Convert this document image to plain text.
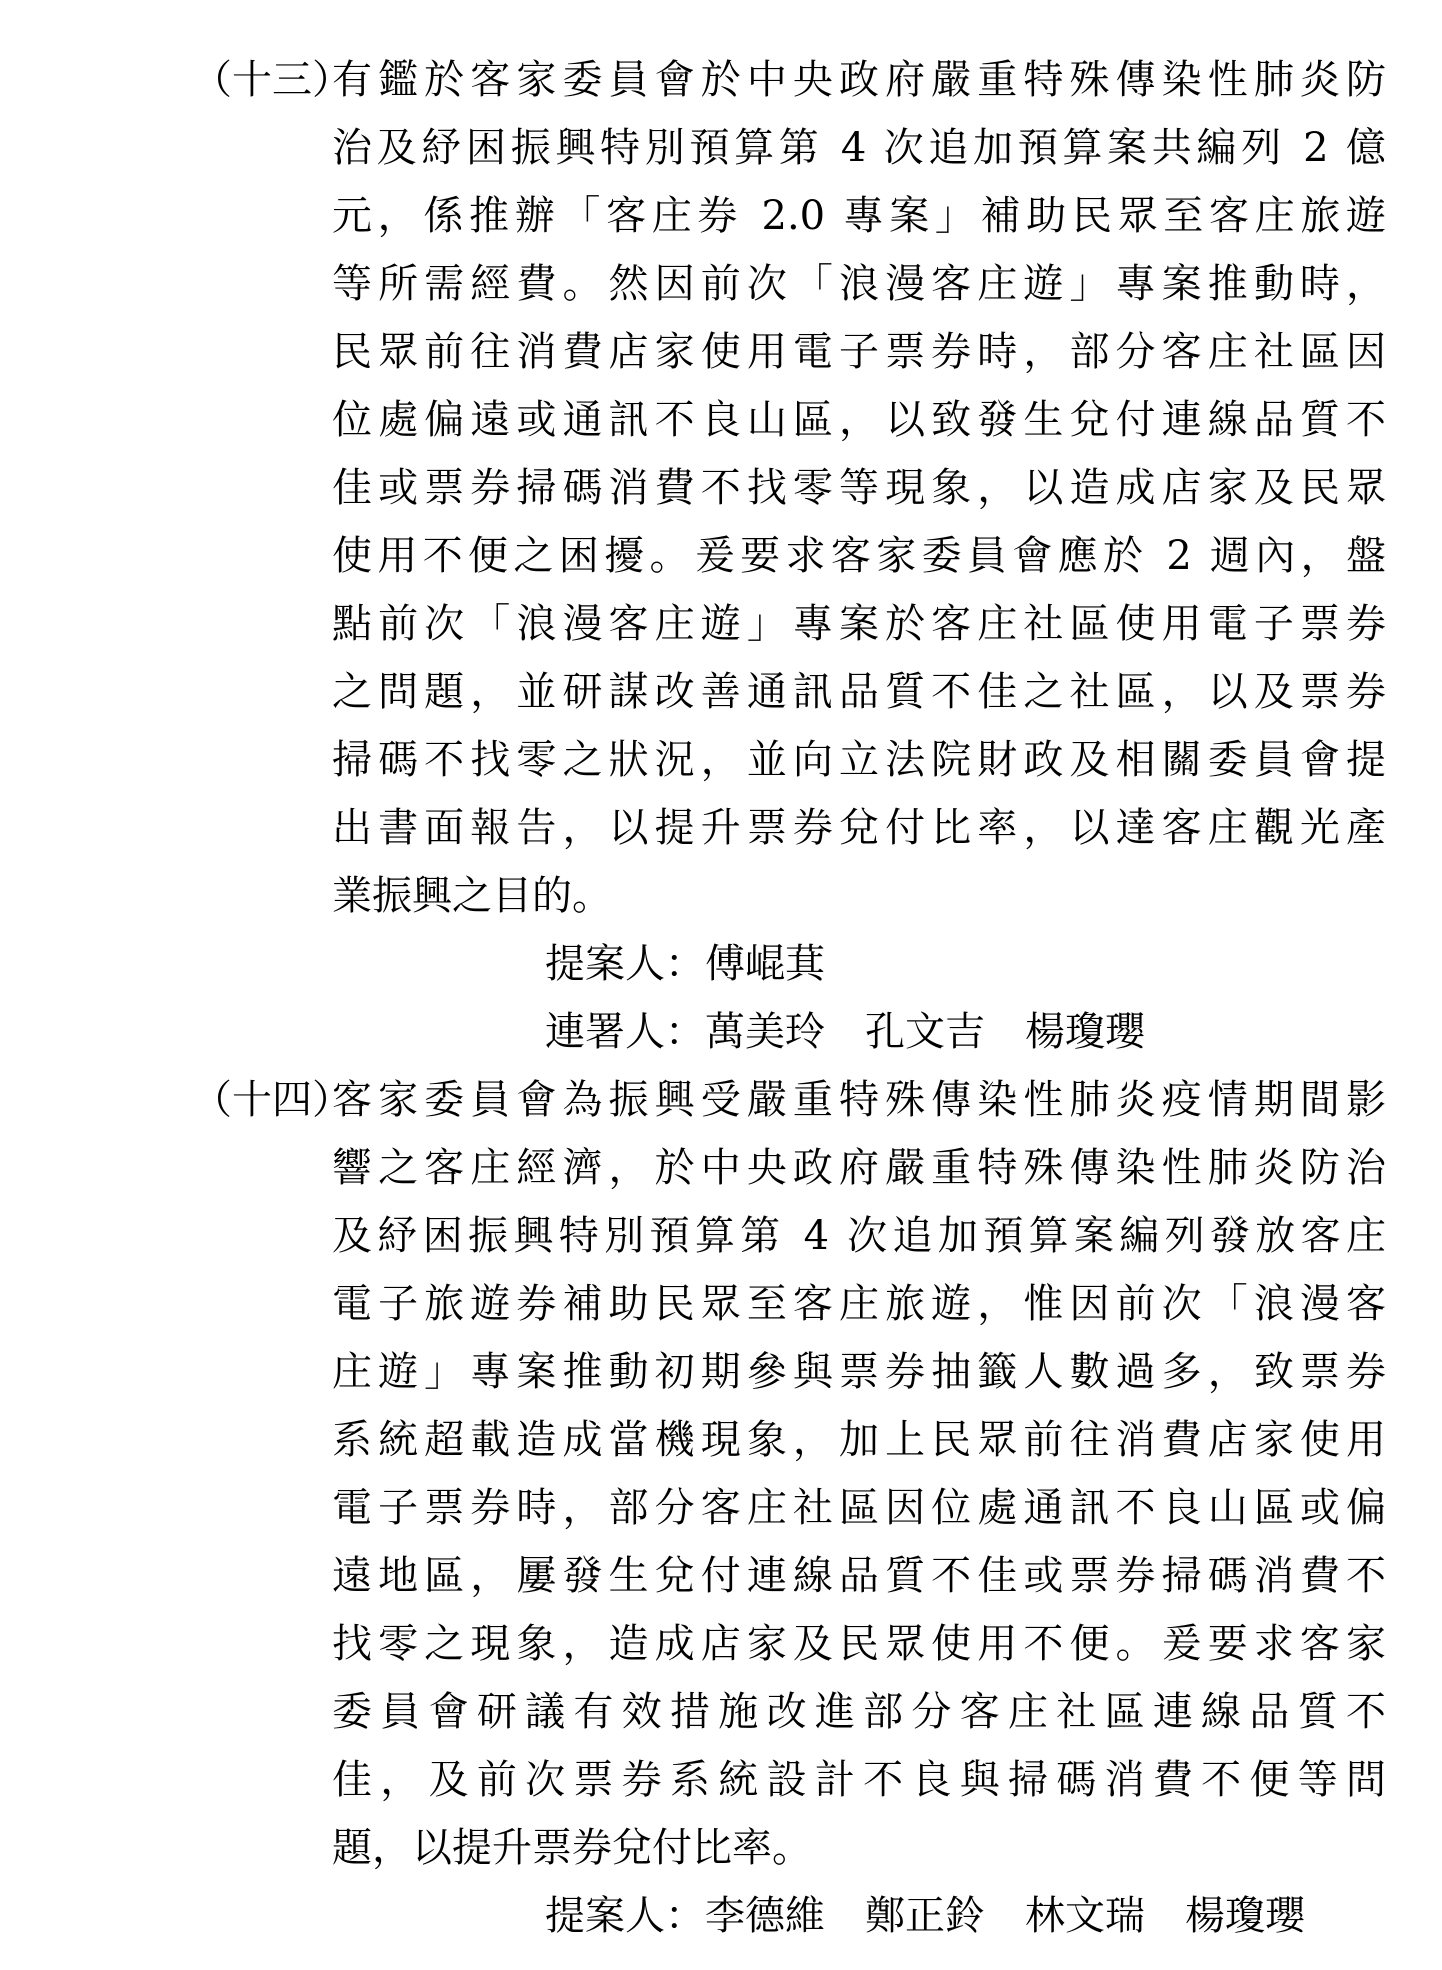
（十三）
有鑑於客家委員會於中央政府嚴重特殊傳染性肺炎防
治及紓困振興特別預算第 4 次追加預算案共編列 2 億
元，係推辦「客庄券 2.0 專案」補助民眾至客庄旅遊
等所需經費。然因前次「浪漫客庄遊」專案推動時，
民眾前往消費店家使用電子票券時，部分客庄社區因
位處偏遠或通訊不良山區，以致發生兌付連線品質不
佳或票券掃碼消費不找零等現象，以造成店家及民眾
使用不便之困擾。爰要求客家委員會應於 2 週內，盤
點前次「浪漫客庄遊」專案於客庄社區使用電子票券
之問題，並研謀改善通訊品質不佳之社區，以及票券
掃碼不找零之狀況，並向立法院財政及相關委員會提
出書面報告，以提升票券兌付比率，以達客庄觀光產
業振興之目的。
提案人：傅崐萁
連署人：萬美玲　孔文吉　楊瓊瓔
（十四）
客家委員會為振興受嚴重特殊傳染性肺炎疫情期間影
響之客庄經濟，於中央政府嚴重特殊傳染性肺炎防治
及紓困振興特別預算第 4 次追加預算案編列發放客庄
電子旅遊券補助民眾至客庄旅遊，惟因前次「浪漫客
庄遊」專案推動初期參與票券抽籤人數過多，致票券
系統超載造成當機現象，加上民眾前往消費店家使用
電子票券時，部分客庄社區因位處通訊不良山區或偏
遠地區，屢發生兌付連線品質不佳或票券掃碼消費不
找零之現象，造成店家及民眾使用不便。爰要求客家
委員會研議有效措施改進部分客庄社區連線品質不
佳，及前次票券系統設計不良與掃碼消費不便等問
題，以提升票券兌付比率。
提案人：李德維　鄭正鈴　林文瑞　楊瓊瓔
